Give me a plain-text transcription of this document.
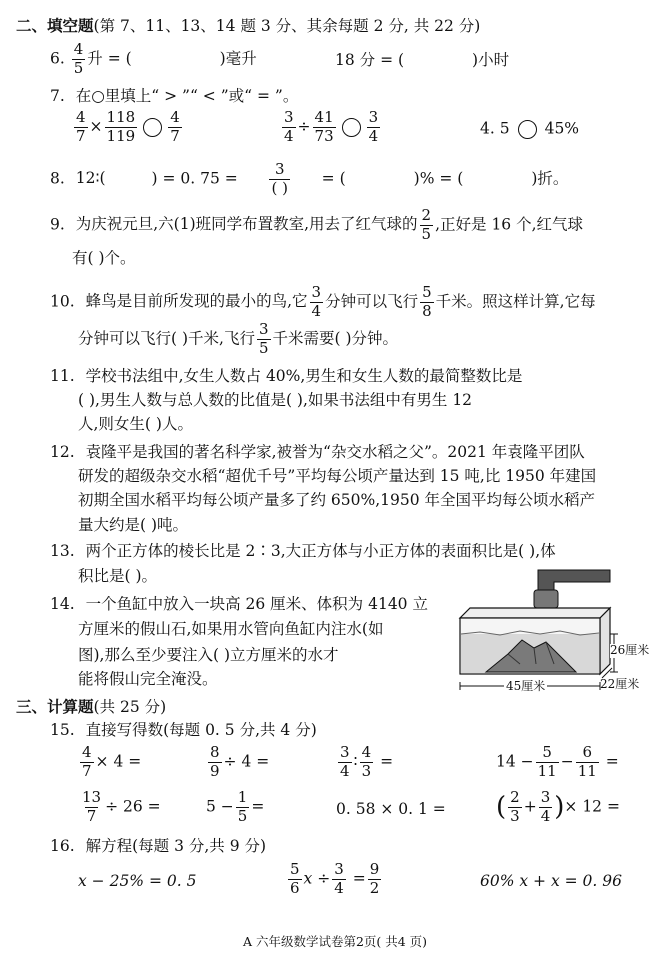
二、填空题(第 7、11、13、14 题 3 分、其余每题 2 分, 共 22 分)
6. $\frac{4}{5}$ 升 = (	)毫升	18 分 = (	)小时
7. 在○里填上“ > ”“ < ”或“ = ”。
$\frac{4}{7} \times \frac{118}{119} \frac{4}{7}$	$\frac{3}{4} \div \frac{41}{73} \frac{3}{4}$	4. 5 45%
8. 12∶(	) = 0. $75 = \frac{3}{( )}$ = (	)% = (	)折。
9. 为庆祝元旦,六(1)班同学布置教室,用去了红气球的 $\frac{2}{5}$ ,正好是 16 个,红气球
有( )个。
10. 蜂鸟是目前所发现的最小的鸟,它 $\frac{3}{4}$ 分钟可以飞行 $\frac{5}{8}$ 千米。照这样计算,它每
分钟可以飞行( )千米,飞行 $\frac{3}{5}$ 千米需要( )分钟。
11. 学校书法组中,女生人数占 40%,男生和女生人数的最简整数比是
( ),男生人数与总人数的比值是( ),如果书法组中有男生 12
人,则女生( )人。
12. 袁隆平是我国的著名科学家,被誉为“杂交水稻之父”。2021 年袁隆平团队
研发的超级杂交水稻“超优千号”平均每公顷产量达到 15 吨,比 1950 年建国
初期全国水稻平均每公顷产量多了约 650%,1950 年全国平均每公顷水稻产
量大约是( )吨。
13. 两个正方体的棱长比是 2∶3,大正方体与小正方体的表面积比是( ),体
积比是( )。
14. 一个鱼缸中放入一块高 26 厘米、体积为 4140 立
方厘米的假山石,如果用水管向鱼缸内注水(如
图),那么至少要注入( )立方厘米的水才
能将假山完全淹没。
26厘米
45厘米	22厘米
三、计算题(共 25 分)
15. 直接写得数(每题 0. 5 分,共 4 分)
$\frac{4}{7} \times 4$ =	$\frac{8}{9} \div 4$ =	$\frac{3}{4}$ ∶ $\frac{4}{3}$ =	$14 - \frac{5}{11} - \frac{6}{11}$ =
$\frac{13}{7} \div 26$ =	$5 - \frac{1}{5}$ =	0. 58 × 0. 1 = ( $\frac{2}{3} + \frac{3}{4}$ )× 12 =
16. 解方程(每题 3 分,共 9 分)
x − 25% = 0. 5	$\frac{5}{6}$ $x \div \frac{3}{4} = \frac{9}{2}$	60% x + x = 0. 96
A 六年级数学试卷第2页( 共4 页)
